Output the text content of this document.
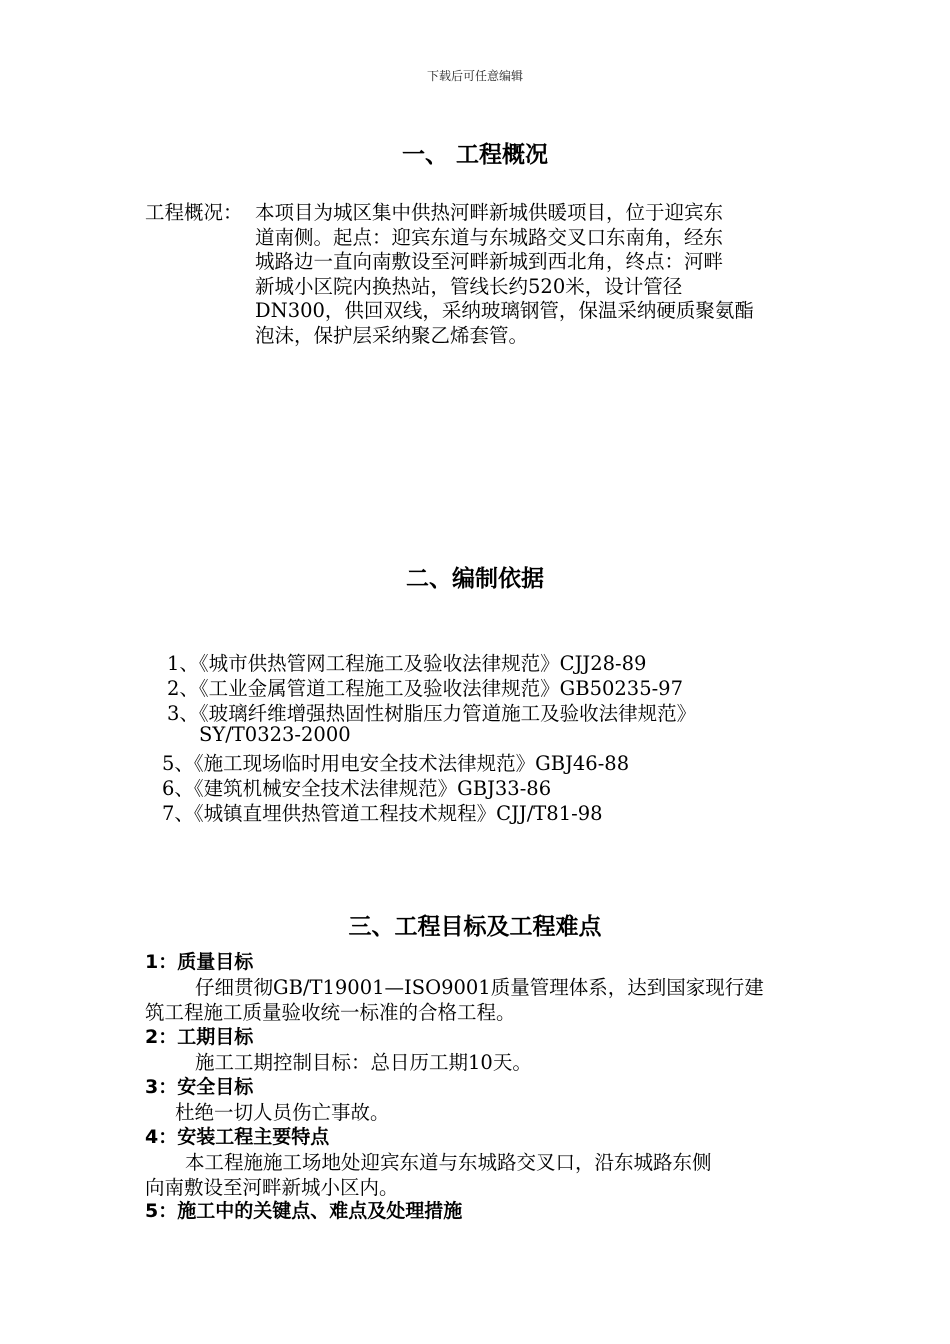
下载后可任意编辑
一、 工程概况
工程概况： 本项目为城区集中供热河畔新城供暖项目，位于迎宾东
道南侧。起点：迎宾东道与东城路交叉口东南角，经东
城路边一直向南敷设至河畔新城到西北角，终点：河畔
新城小区院内换热站，管线长约520米，设计管径
DN300，供回双线，采纳玻璃钢管，保温采纳硬质聚氨酯
泡沫，保护层采纳聚乙烯套管。
二、编制依据
1、《城市供热管网工程施工及验收法律规范》CJJ28-89
2、《工业金属管道工程施工及验收法律规范》GB50235-97
3、《玻璃纤维增强热固性树脂压力管道施工及验收法律规范》
SY/T0323-2000
5、《施工现场临时用电安全技术法律规范》GBJ46-88
6、《建筑机械安全技术法律规范》GBJ33-86
7、《城镇直埋供热管道工程技术规程》CJJ/T81-98
三、工程目标及工程难点
1：质量目标
仔细贯彻GB/T19001—ISO9001质量管理体系，达到国家现行建
筑工程施工质量验收统一标准的合格工程。
2：工期目标
施工工期控制目标：总日历工期10天。
3：安全目标
杜绝一切人员伤亡事故。
4：安装工程主要特点
本工程施施工场地处迎宾东道与东城路交叉口，沿东城路东侧
向南敷设至河畔新城小区内。
5：施工中的关键点、难点及处理措施
